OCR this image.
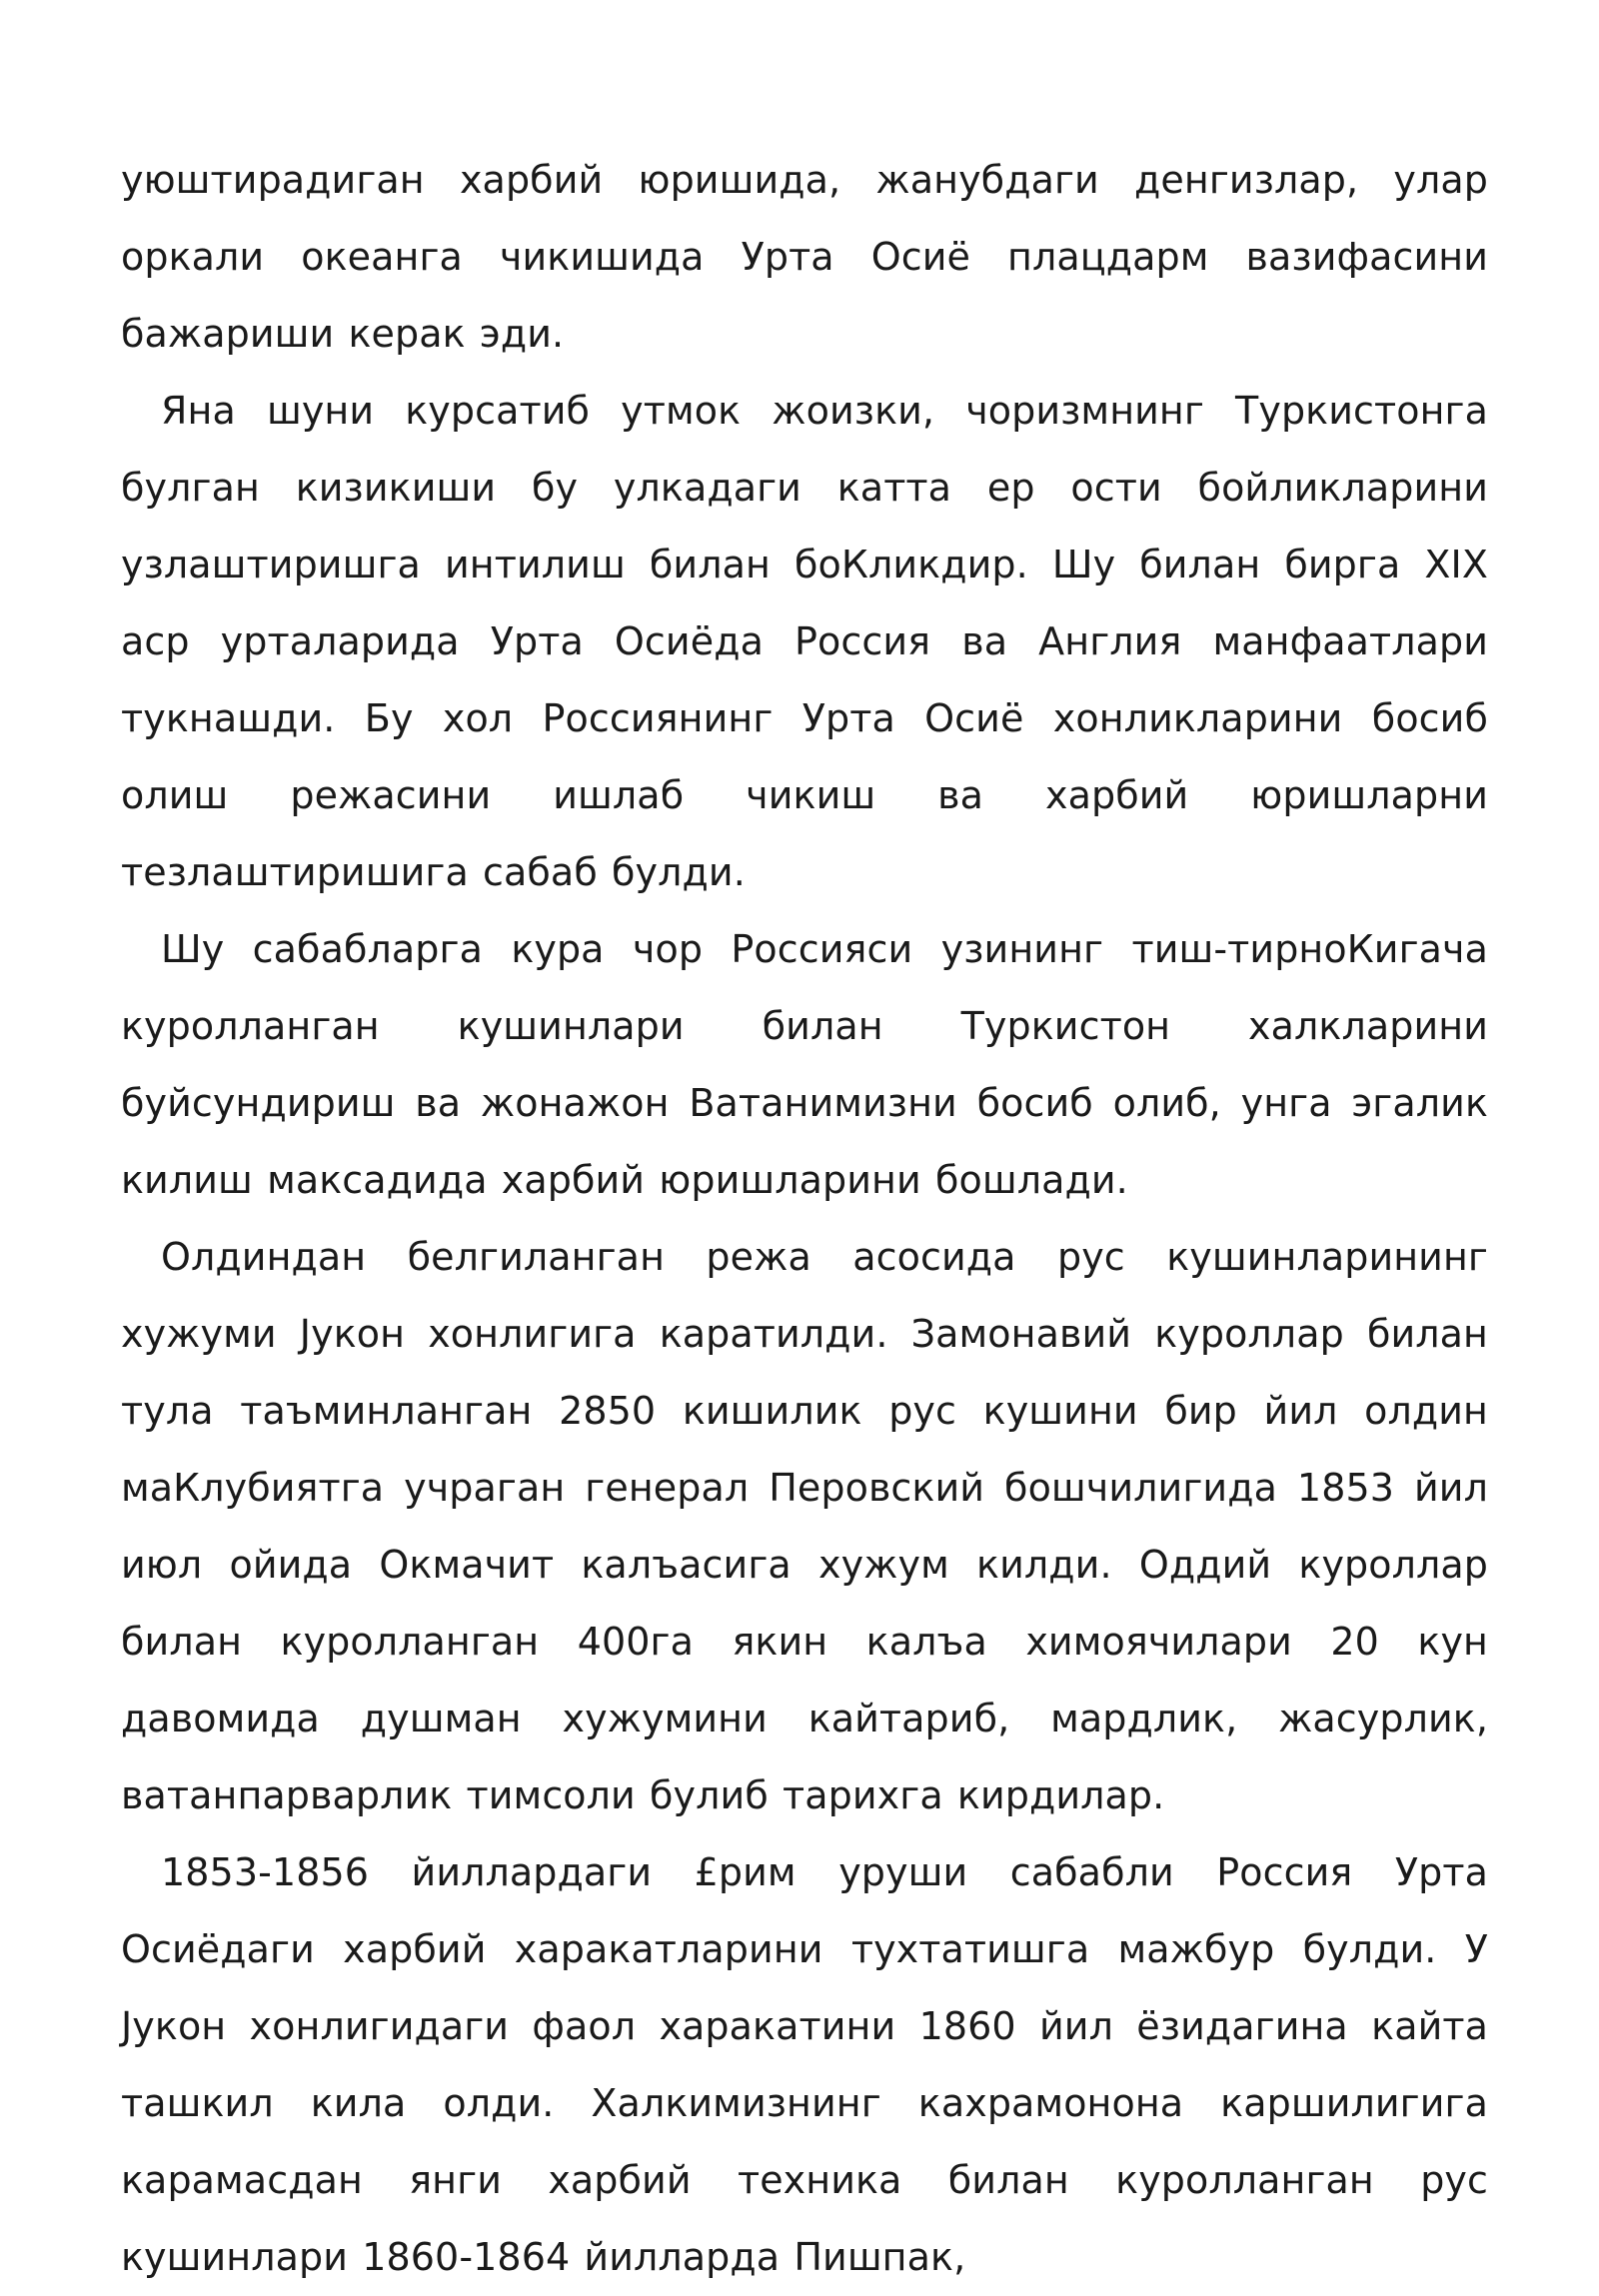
уюштирадиган харбий юришида, жанубдаги денгизлар, улар оркали океанга чикишида Урта Осиё плацдарм вазифасини бажариши керак эди.

Яна шуни курсатиб утмок жоизки, чоризмнинг Туркистонга булган кизикиши бу улкадаги катта ер ости бойликларини узлаштиришга интилиш билан боКликдир. Шу билан бирга XIX аср урталарида Урта Осиёда Россия ва Англия манфаатлари тукнашди. Бу хол Россиянинг Урта Осиё хонликларини босиб олиш режасини ишлаб чикиш ва харбий юришларни тезлаштиришига сабаб булди.

Шу сабабларга кура чор Россияси узининг тиш-тирноКигача куролланган кушинлари билан Туркистон халкларини буйсундириш ва жонажон Ватанимизни босиб олиб, унга эгалик килиш максадида харбий юришларини бошлади.

Олдиндан белгиланган режа асосида рус кушинларининг хужуми Јукон хонлигига каратилди. Замонавий куроллар билан тула таъминланган 2850 кишилик рус кушини бир йил олдин маКлубиятга учраган генерал Перовский бошчилигида 1853 йил июл ойида Окмачит калъасига хужум килди. Оддий куроллар билан куролланган 400га якин калъа химоячилари 20 кун давомида душман хужумини кайтариб, мардлик, жасурлик, ватанпарварлик тимсоли булиб тарихга кирдилар.

1853-1856 йиллардаги £рим уруши сабабли Россия Урта Осиёдаги харбий харакатларини тухтатишга мажбур булди. У Јукон хонлигидаги фаол харакатини 1860 йил ёзидагина кайта ташкил кила олди. Халкимизнинг кахрамонона каршилигига карамасдан янги харбий техника билан куролланган рус кушинлари 1860-1864 йилларда Пишпак,
